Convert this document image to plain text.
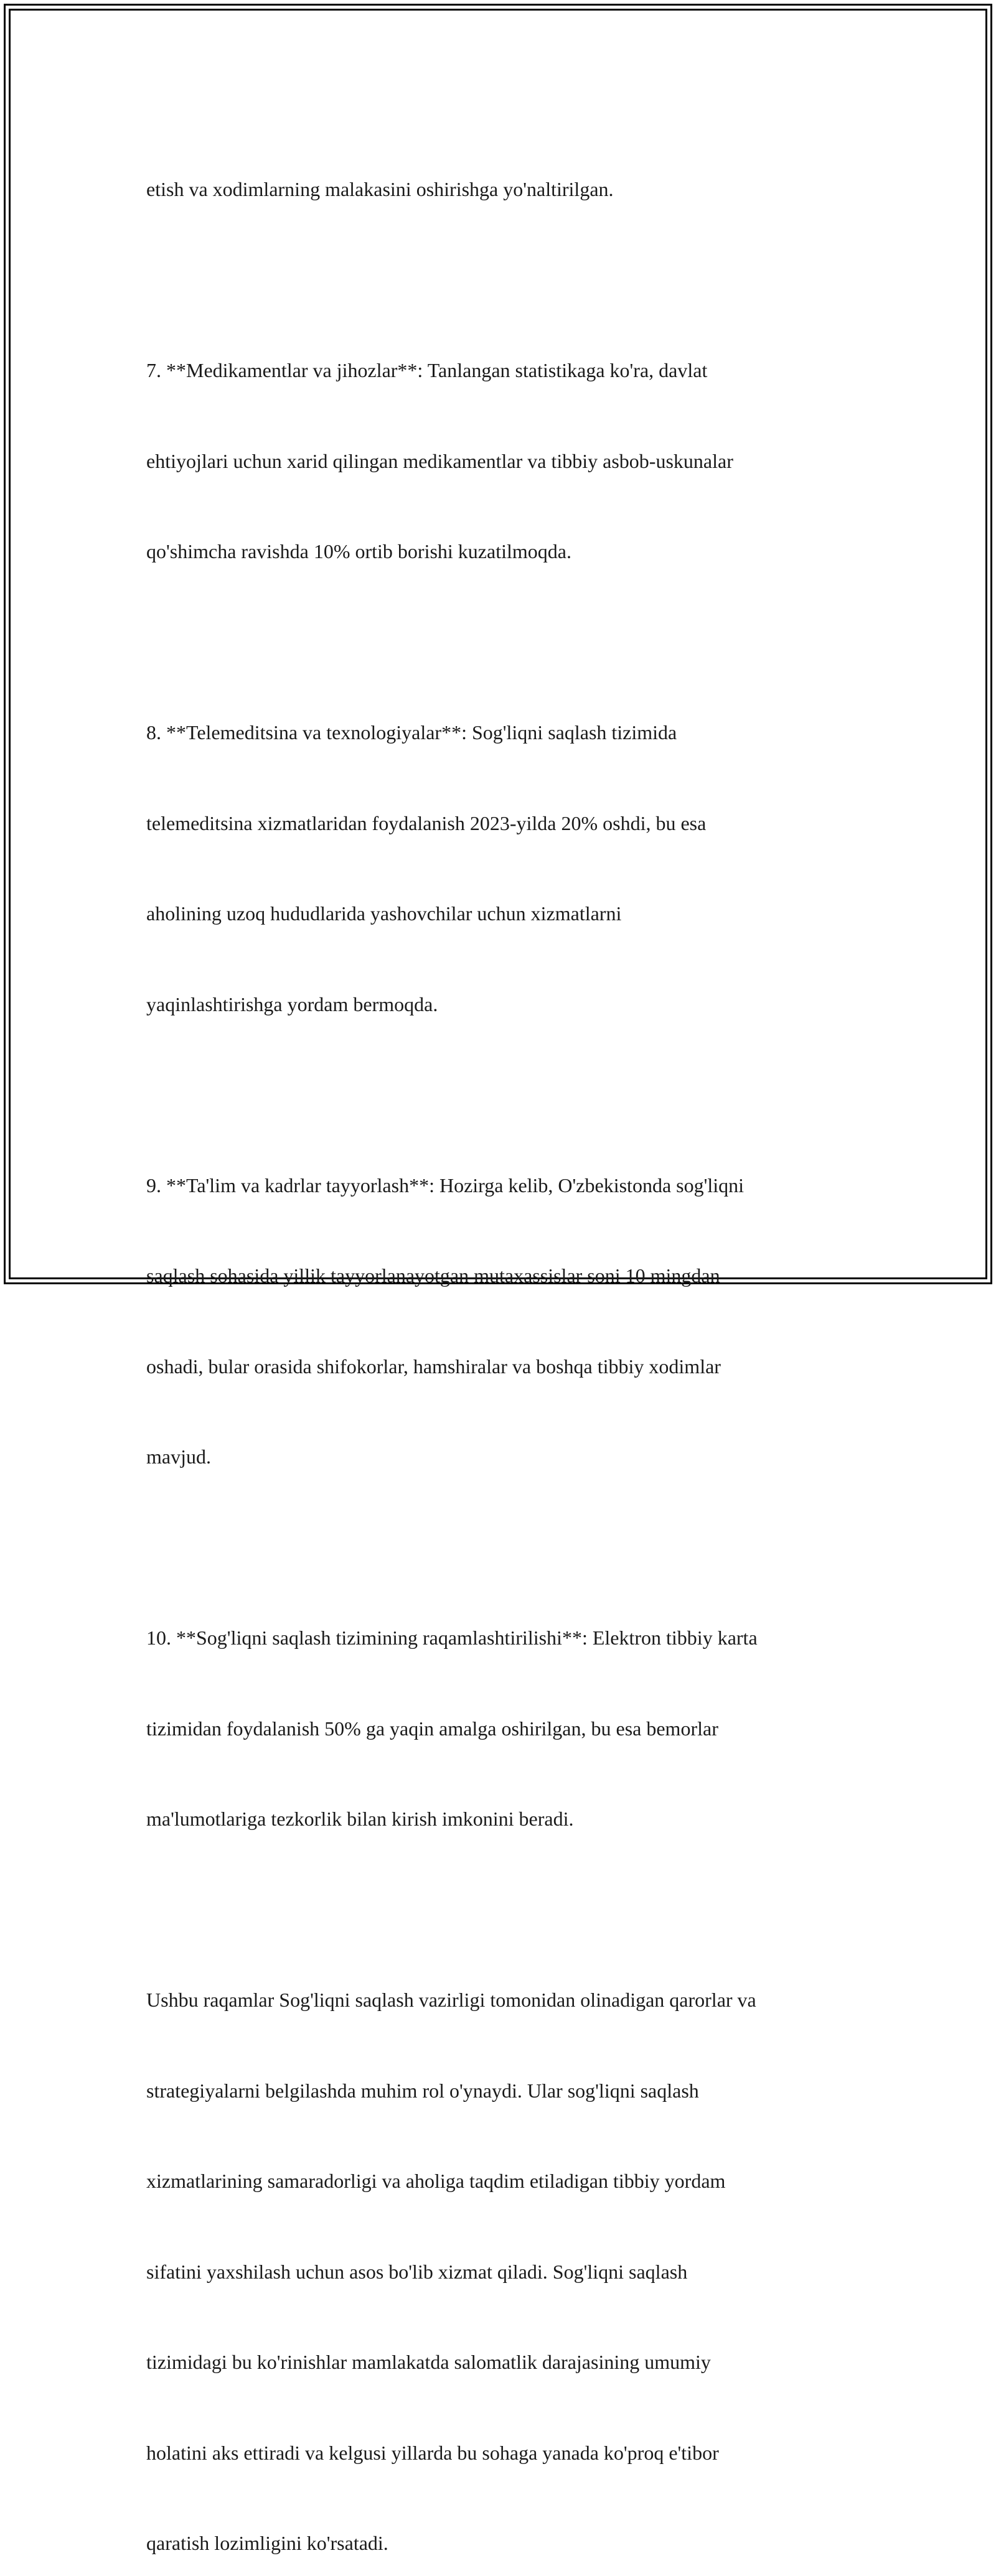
etish va xodimlarning malakasini oshirishga yo'naltirilgan.

7. **Medikamentlar va jihozlar**: Tanlangan statistikaga ko'ra, davlat

ehtiyojlari uchun xarid qilingan medikamentlar va tibbiy asbob-uskunalar

qo'shimcha ravishda 10% ortib borishi kuzatilmoqda.

8. **Telemeditsina va texnologiyalar**: Sog'liqni saqlash tizimida

telemeditsina xizmatlaridan foydalanish 2023-yilda 20% oshdi, bu esa

aholining uzoq hududlarida yashovchilar uchun xizmatlarni

yaqinlashtirishga yordam bermoqda.

9. **Ta'lim va kadrlar tayyorlash**: Hozirga kelib, O'zbekistonda sog'liqni

saqlash sohasida yillik tayyorlanayotgan mutaxassislar soni 10 mingdan

oshadi, bular orasida shifokorlar, hamshiralar va boshqa tibbiy xodimlar

mavjud.

10. **Sog'liqni saqlash tizimining raqamlashtirilishi**: Elektron tibbiy karta

tizimidan foydalanish 50% ga yaqin amalga oshirilgan, bu esa bemorlar

ma'lumotlariga tezkorlik bilan kirish imkonini beradi.

Ushbu raqamlar Sog'liqni saqlash vazirligi tomonidan olinadigan qarorlar va

strategiyalarni belgilashda muhim rol o'ynaydi. Ular sog'liqni saqlash

xizmatlarining samaradorligi va aholiga taqdim etiladigan tibbiy yordam

sifatini yaxshilash uchun asos bo'lib xizmat qiladi. Sog'liqni saqlash

tizimidagi bu ko'rinishlar mamlakatda salomatlik darajasining umumiy

holatini aks ettiradi va kelgusi yillarda bu sohaga yanada ko'proq e'tibor

qaratish lozimligini ko'rsatadi.
